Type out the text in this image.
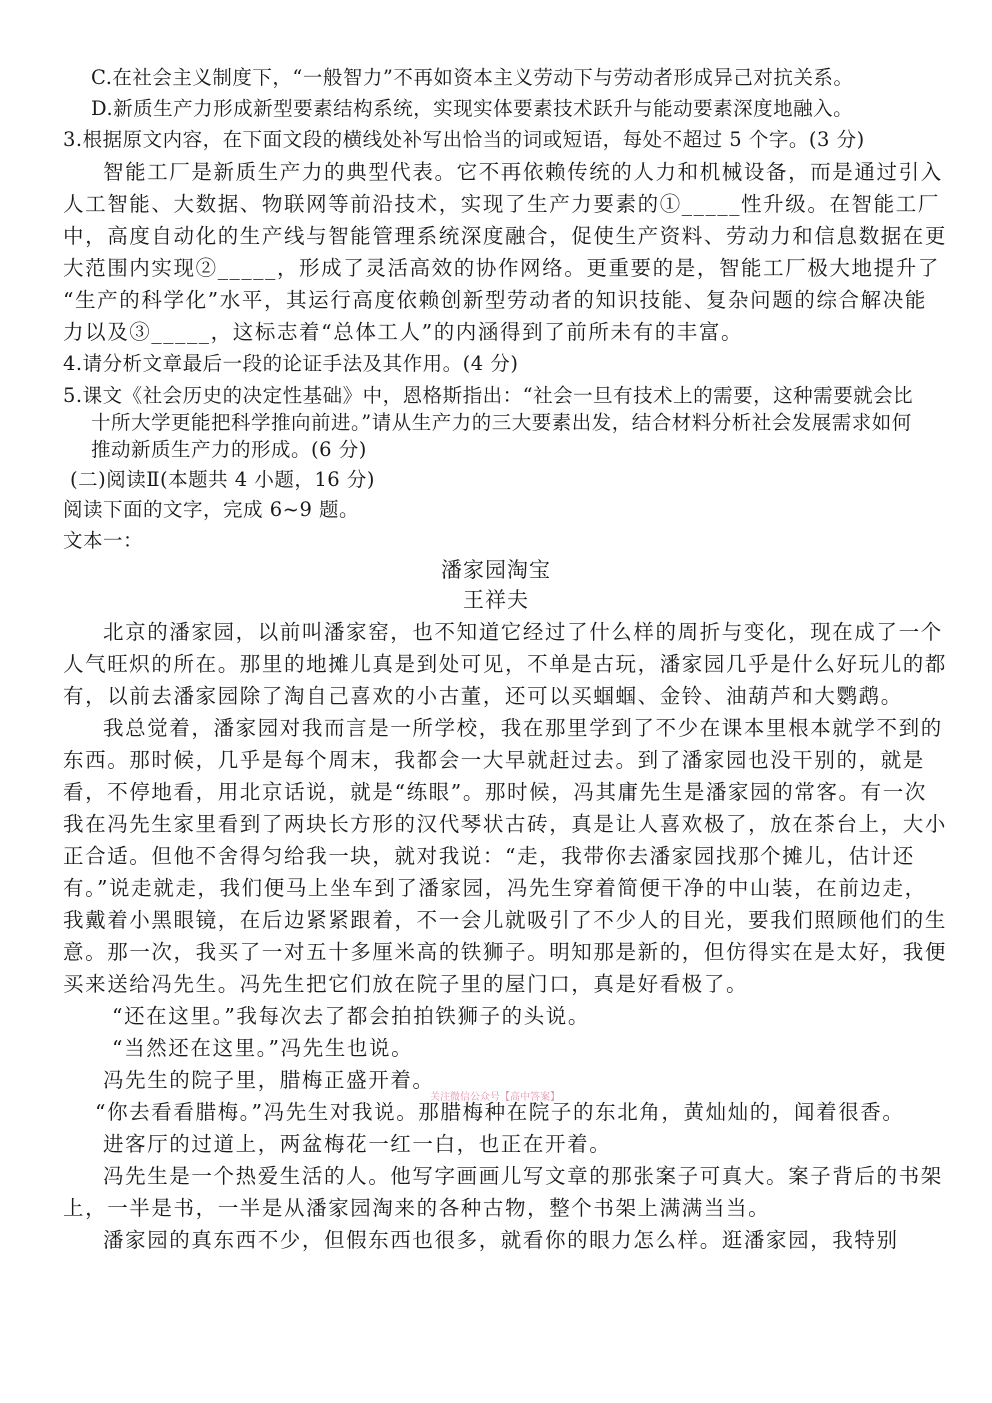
C.在社会主义制度下，“一般智力”不再如资本主义劳动下与劳动者形成异己对抗关系。
D.新质生产力形成新型要素结构系统，实现实体要素技术跃升与能动要素深度地融入。
3.根据原文内容，在下面文段的横线处补写出恰当的词或短语，每处不超过 5 个字。(3 分)
智能工厂是新质生产力的典型代表。它不再依赖传统的人力和机械设备，而是通过引入
人工智能、大数据、物联网等前沿技术，实现了生产力要素的①_____性升级。在智能工厂
中，高度自动化的生产线与智能管理系统深度融合，促使生产资料、劳动力和信息数据在更
大范围内实现②_____，形成了灵活高效的协作网络。更重要的是，智能工厂极大地提升了
“生产的科学化”水平，其运行高度依赖创新型劳动者的知识技能、复杂问题的综合解决能
力以及③_____，这标志着“总体工人”的内涵得到了前所未有的丰富。
4.请分析文章最后一段的论证手法及其作用。(4 分)
5.课文《社会历史的决定性基础》中，恩格斯指出：“社会一旦有技术上的需要，这种需要就会比
十所大学更能把科学推向前进。”请从生产力的三大要素出发，结合材料分析社会发展需求如何
推动新质生产力的形成。(6 分)
(二)阅读Ⅱ(本题共 4 小题，16 分)
阅读下面的文字，完成 6~9 题。
文本一：
潘家园淘宝
王祥夫
北京的潘家园，以前叫潘家窑，也不知道它经过了什么样的周折与变化，现在成了一个
人气旺炽的所在。那里的地摊儿真是到处可见，不单是古玩，潘家园几乎是什么好玩儿的都
有，以前去潘家园除了淘自己喜欢的小古董，还可以买蝈蝈、金铃、油葫芦和大鹦鹉。
我总觉着，潘家园对我而言是一所学校，我在那里学到了不少在课本里根本就学不到的
东西。那时候，几乎是每个周末，我都会一大早就赶过去。到了潘家园也没干别的，就是
看，不停地看，用北京话说，就是“练眼”。那时候，冯其庸先生是潘家园的常客。有一次
我在冯先生家里看到了两块长方形的汉代琴状古砖，真是让人喜欢极了，放在茶台上，大小
正合适。但他不舍得匀给我一块，就对我说：“走，我带你去潘家园找那个摊儿，估计还
有。”说走就走，我们便马上坐车到了潘家园，冯先生穿着简便干净的中山装，在前边走，
我戴着小黑眼镜，在后边紧紧跟着，不一会儿就吸引了不少人的目光，要我们照顾他们的生
意。那一次，我买了一对五十多厘米高的铁狮子。明知那是新的，但仿得实在是太好，我便
买来送给冯先生。冯先生把它们放在院子里的屋门口，真是好看极了。
“还在这里。”我每次去了都会拍拍铁狮子的头说。
“当然还在这里。”冯先生也说。
冯先生的院子里，腊梅正盛开着。
“你去看看腊梅。”冯先生对我说。那腊梅种在院子的东北角，黄灿灿的，闻着很香。
进客厅的过道上，两盆梅花一红一白，也正在开着。
冯先生是一个热爱生活的人。他写字画画儿写文章的那张案子可真大。案子背后的书架
上，一半是书，一半是从潘家园淘来的各种古物，整个书架上满满当当。
潘家园的真东西不少，但假东西也很多，就看你的眼力怎么样。逛潘家园，我特别
关注微信公众号【高中答案】
